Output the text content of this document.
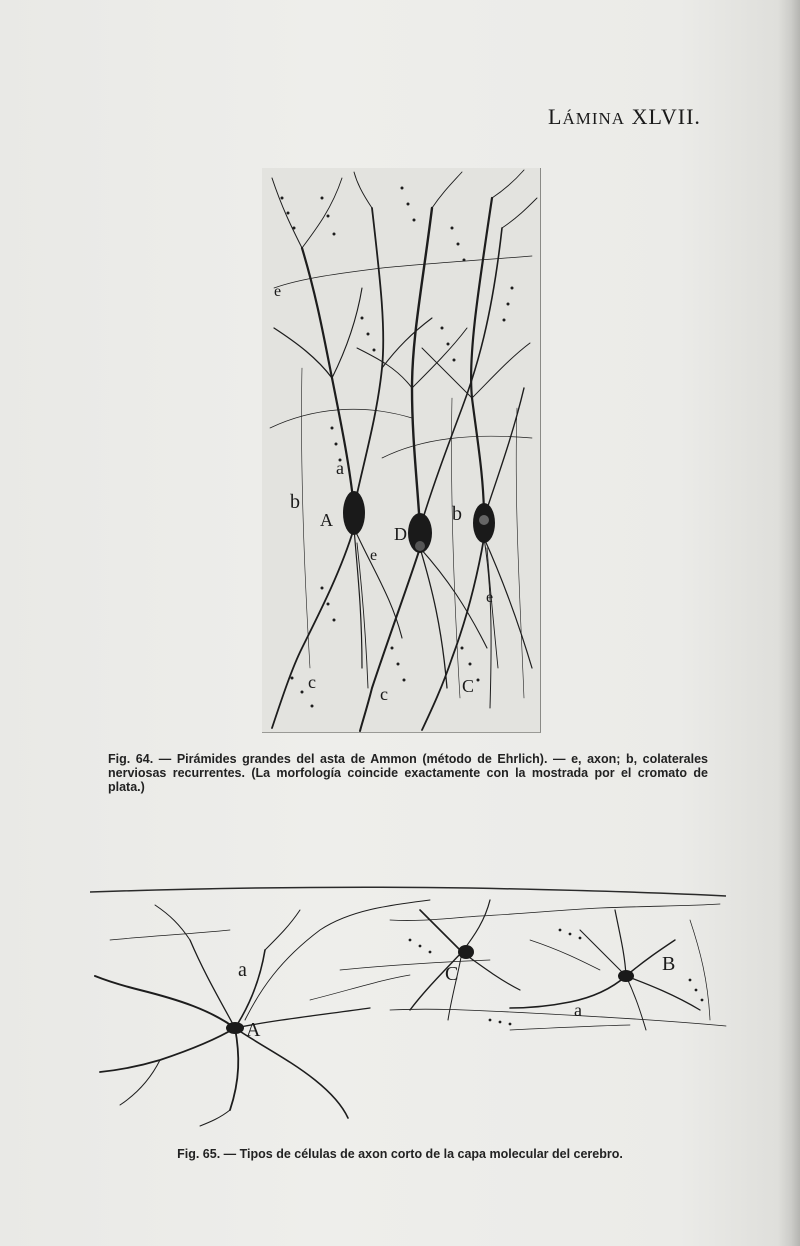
LÁMINA XLVII.
e
a
b
A
D
b
e
e
c
c	C
Fig. 64. — Pirámides grandes del asta de Ammon (método de Ehrlich). — e, axon; b, colaterales nerviosas recurrentes. (La morfología coincide exactamente con la mostrada por el cromato de plata.)
a
A
C
a
B
Fig. 65. — Tipos de células de axon corto de la capa molecular del cerebro.
